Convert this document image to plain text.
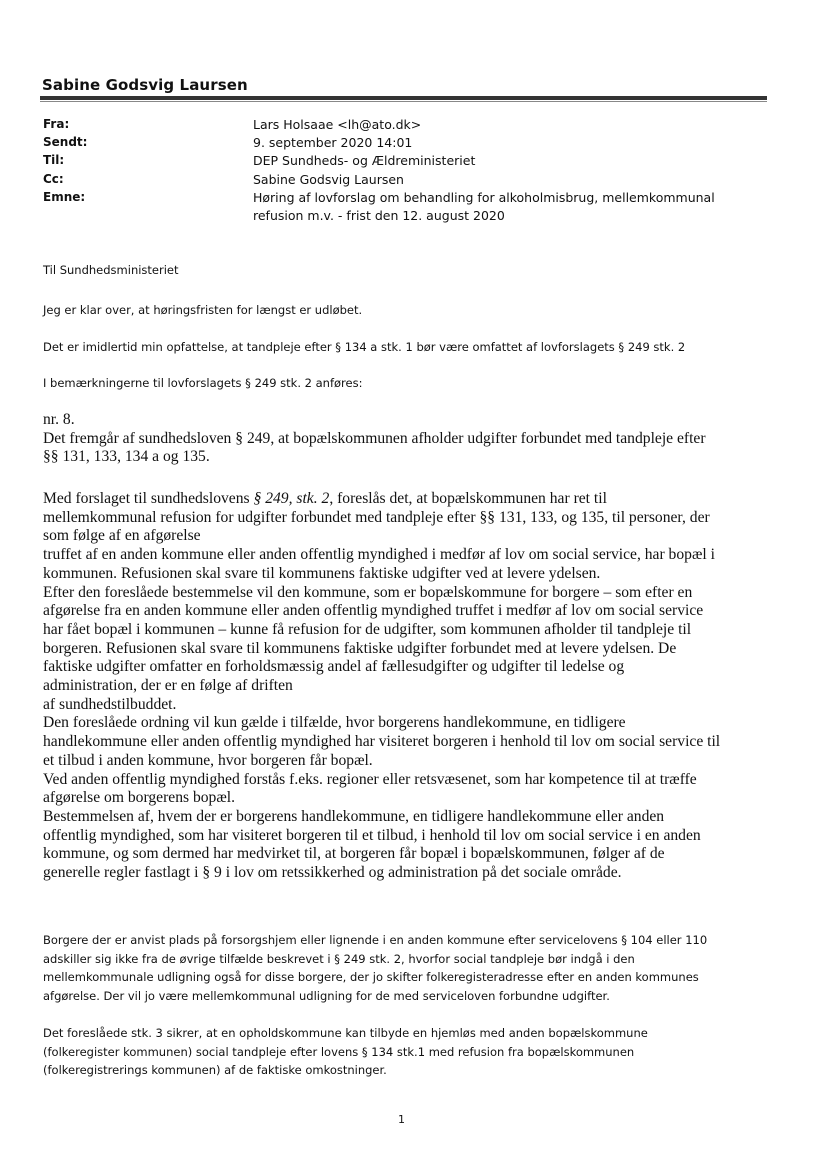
Sabine Godsvig Laursen
Fra:	Lars Holsaae <lh@ato.dk>
Sendt:	9. september 2020 14:01
Til:	DEP Sundheds- og Ældreministeriet
Cc:	Sabine Godsvig Laursen
Emne:	Høring af lovforslag om behandling for alkoholmisbrug, mellemkommunal refusion m.v. - frist den 12. august 2020

Til Sundhedsministeriet

Jeg er klar over, at høringsfristen for længst er udløbet.

Det er imidlertid min opfattelse, at tandpleje efter § 134 a stk. 1 bør være omfattet af lovforslagets § 249 stk. 2

I bemærkningerne til lovforslagets § 249 stk. 2 anføres:

nr. 8.
Det fremgår af sundhedsloven § 249, at bopælskommunen afholder udgifter forbundet med tandpleje efter
§§ 131, 133, 134 a og 135.
Med forslaget til sundhedslovens § 249, stk. 2, foreslås det, at bopælskommunen har ret til
mellemkommunal refusion for udgifter forbundet med tandpleje efter §§ 131, 133, og 135, til personer, der
som følge af en afgørelse
truffet af en anden kommune eller anden offentlig myndighed i medfør af lov om social service, har bopæl i
kommunen. Refusionen skal svare til kommunens faktiske udgifter ved at levere ydelsen.
Efter den foreslåede bestemmelse vil den kommune, som er bopælskommune for borgere – som efter en
afgørelse fra en anden kommune eller anden offentlig myndighed truffet i medfør af lov om social service
har fået bopæl i kommunen – kunne få refusion for de udgifter, som kommunen afholder til tandpleje til
borgeren. Refusionen skal svare til kommunens faktiske udgifter forbundet med at levere ydelsen. De
faktiske udgifter omfatter en forholdsmæssig andel af fællesudgifter og udgifter til ledelse og
administration, der er en følge af driften
af sundhedstilbuddet.
Den foreslåede ordning vil kun gælde i tilfælde, hvor borgerens handlekommune, en tidligere
handlekommune eller anden offentlig myndighed har visiteret borgeren i henhold til lov om social service til
et tilbud i anden kommune, hvor borgeren får bopæl.
Ved anden offentlig myndighed forstås f.eks. regioner eller retsvæsenet, som har kompetence til at træffe
afgørelse om borgerens bopæl.
Bestemmelsen af, hvem der er borgerens handlekommune, en tidligere handlekommune eller anden
offentlig myndighed, som har visiteret borgeren til et tilbud, i henhold til lov om social service i en anden
kommune, og som dermed har medvirket til, at borgeren får bopæl i bopælskommunen, følger af de
generelle regler fastlagt i § 9 i lov om retssikkerhed og administration på det sociale område.
Borgere der er anvist plads på forsorgshjem eller lignende i en anden kommune efter servicelovens § 104 eller 110
adskiller sig ikke fra de øvrige tilfælde beskrevet i § 249 stk. 2, hvorfor social tandpleje bør indgå i den
mellemkommunale udligning også for disse borgere, der jo skifter folkeregisteradresse efter en anden kommunes
afgørelse. Der vil jo være mellemkommunal udligning for de med serviceloven forbundne udgifter.
Det foreslåede stk. 3 sikrer, at en opholdskommune kan tilbyde en hjemløs med anden bopælskommune
(folkeregister kommunen) social tandpleje efter lovens § 134 stk.1 med refusion fra bopælskommunen
(folkeregistrerings kommunen) af de faktiske omkostninger.
1
